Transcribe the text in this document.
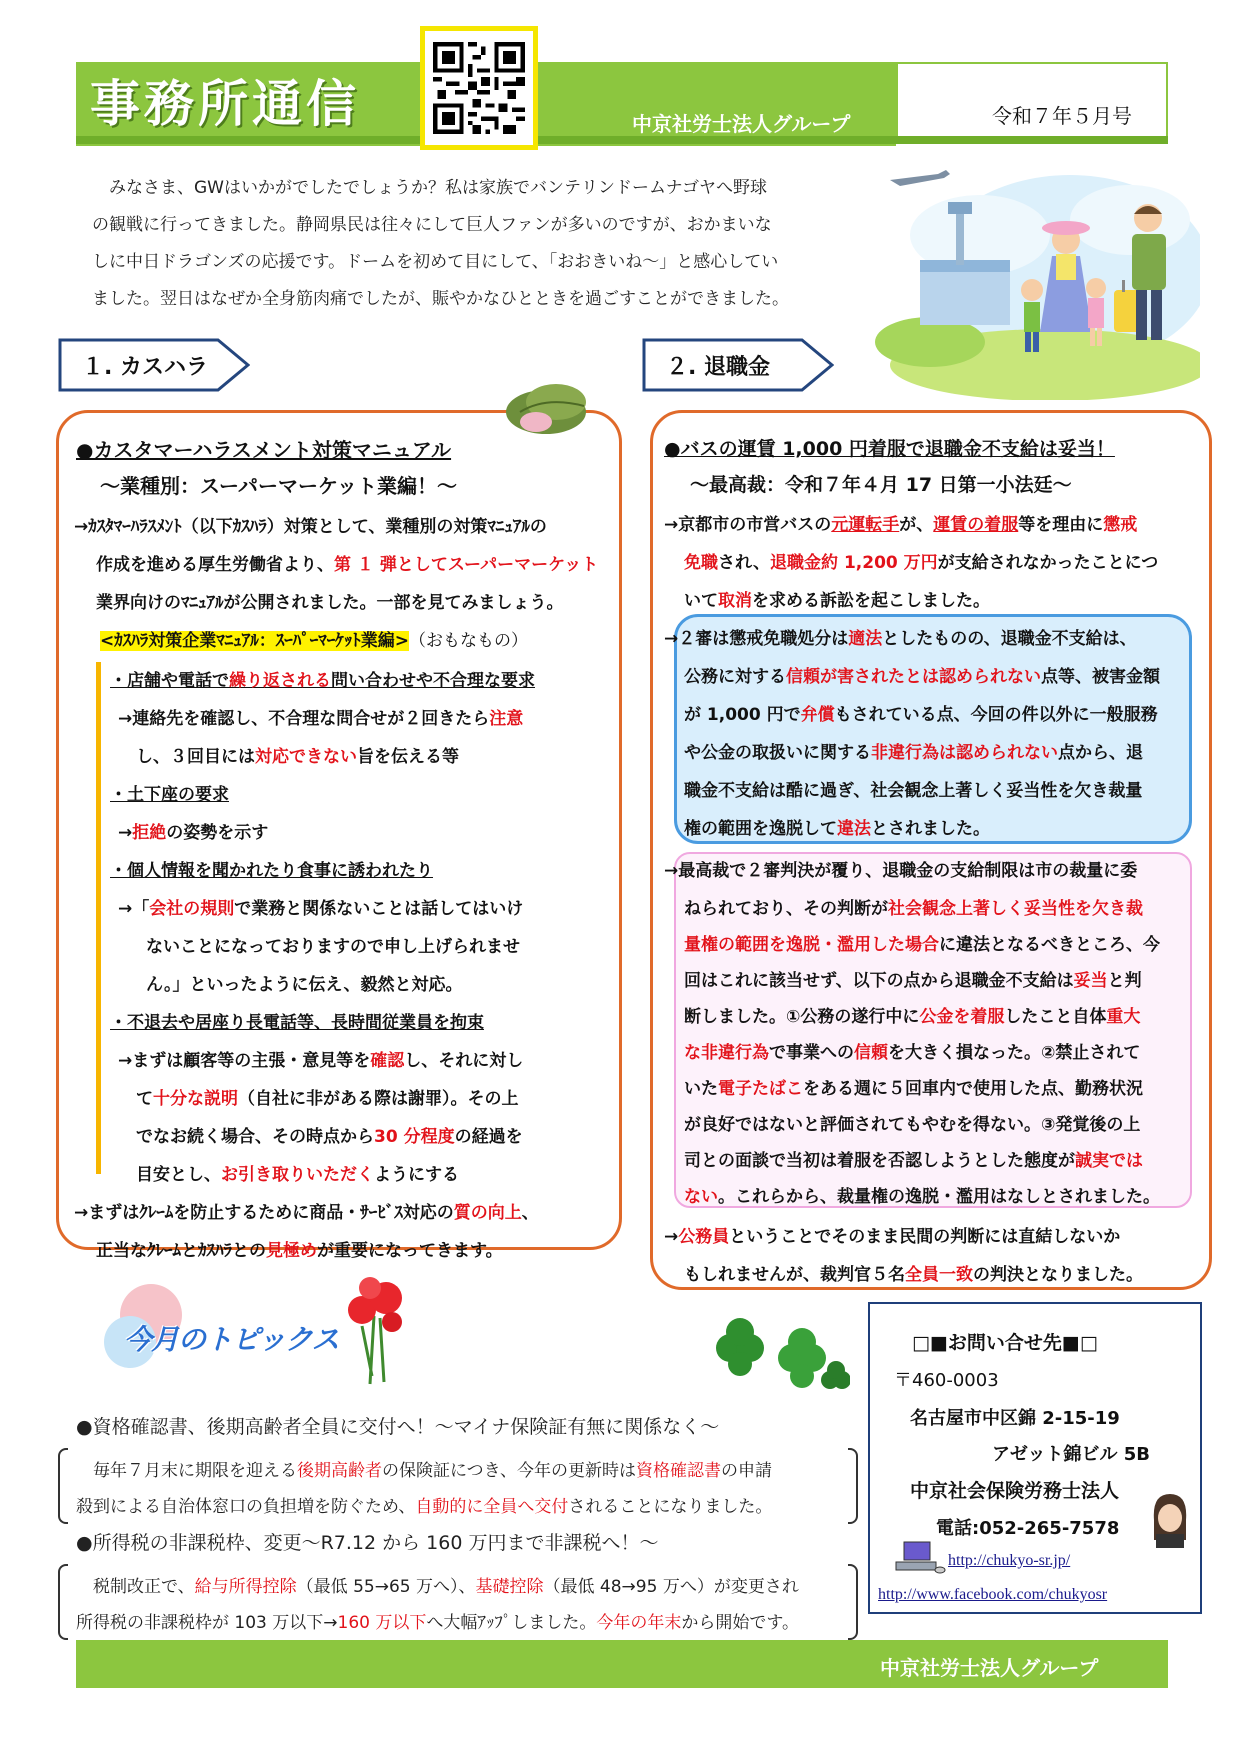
事務所通信	中京社労士法人グループ	令和７年５月号
みなさま、GWはいかがでしたでしょうか？私は家族でバンテリンドームナゴヤへ野球
の観戦に行ってきました。静岡県民は往々にして巨人ファンが多いのですが、おかまいな
しに中日ドラゴンズの応援です。ドームを初めて目にして、「おおきいね～」と感心してい
ました。翌日はなぜか全身筋肉痛でしたが、賑やかなひとときを過ごすことができました。
１. カスハラ	２. 退職金
●カスタマーハラスメント対策マニュアル
～業種別：スーパーマーケット業編！～
→ｶｽﾀﾏｰﾊﾗｽﾒﾝﾄ（以下ｶｽﾊﾗ）対策として、業種別の対策ﾏﾆｭｱﾙの
作成を進める厚生労働省より、第 １ 弾としてスーパーマーケット
業界向けのﾏﾆｭｱﾙが公開されました。一部を見てみましょう。
<ｶｽﾊﾗ対策企業ﾏﾆｭｱﾙ：ｽｰﾊﾟｰﾏｰｹｯﾄ業編>（おもなもの）
・店舗や電話で繰り返される問い合わせや不合理な要求
→連絡先を確認し、不合理な問合せが２回きたら注意
し、３回目には対応できない旨を伝える等
・土下座の要求
→拒絶の姿勢を示す
・個人情報を聞かれたり食事に誘われたり
→「会社の規則で業務と関係ないことは話してはいけ
ないことになっておりますので申し上げられませ
ん。」といったように伝え、毅然と対応。
・不退去や居座り長電話等、長時間従業員を拘束
→まずは顧客等の主張・意見等を確認し、それに対し
て十分な説明（自社に非がある際は謝罪）。その上
でなお続く場合、その時点から30 分程度の経過を
目安とし、お引き取りいただくようにする
→まずはｸﾚｰﾑを防止するために商品・ｻｰﾋﾞｽ対応の質の向上、
正当なｸﾚｰﾑとｶｽﾊﾗとの見極めが重要になってきます。
●バスの運賃 1,000 円着服で退職金不支給は妥当！
～最高裁：令和７年４月 17 日第一小法廷～
→京都市の市営バスの元運転手が、運賃の着服等を理由に懲戒
免職され、退職金約 1,200 万円が支給されなかったことにつ
いて取消を求める訴訟を起こしました。
→２審は懲戒免職処分は適法としたものの、退職金不支給は、
公務に対する信頼が害されたとは認められない点等、被害金額
が 1,000 円で弁償もされている点、今回の件以外に一般服務
や公金の取扱いに関する非違行為は認められない点から、退
職金不支給は酷に過ぎ、社会観念上著しく妥当性を欠き裁量
権の範囲を逸脱して違法とされました。
→最高裁で２審判決が覆り、退職金の支給制限は市の裁量に委
ねられており、その判断が社会観念上著しく妥当性を欠き裁
量権の範囲を逸脱・濫用した場合に違法となるべきところ、今
回はこれに該当せず、以下の点から退職金不支給は妥当と判
断しました。①公務の遂行中に公金を着服したこと自体重大
な非違行為で事業への信頼を大きく損なった。②禁止されて
いた電子たばこをある週に５回車内で使用した点、勤務状況
が良好ではないと評価されてもやむを得ない。③発覚後の上
司との面談で当初は着服を否認しようとした態度が誠実では
ない。これらから、裁量権の逸脱・濫用はなしとされました。
→公務員ということでそのまま民間の判断には直結しないか
もしれませんが、裁判官５名全員一致の判決となりました。
今月のトピックス
●資格確認書、後期高齢者全員に交付へ！～マイナ保険証有無に関係なく～
　毎年７月末に期限を迎える後期高齢者の保険証につき、今年の更新時は資格確認書の申請
殺到による自治体窓口の負担増を防ぐため、自動的に全員へ交付されることになりました。
●所得税の非課税枠、変更～R7.12 から 160 万円まで非課税へ！～
　税制改正で、給与所得控除（最低 55→65 万へ）、基礎控除（最低 48→95 万へ）が変更され
所得税の非課税枠が 103 万以下→160 万以下へ大幅ｱｯﾌﾟしました。今年の年末から開始です。
□■お問い合せ先■□
〒460-0003
名古屋市中区錦 2-15-19
アゼット錦ビル 5B
中京社会保険労務士法人
電話:052-265-7578
http://chukyo-sr.jp/
http://www.facebook.com/chukyosr
中京社労士法人グループ
